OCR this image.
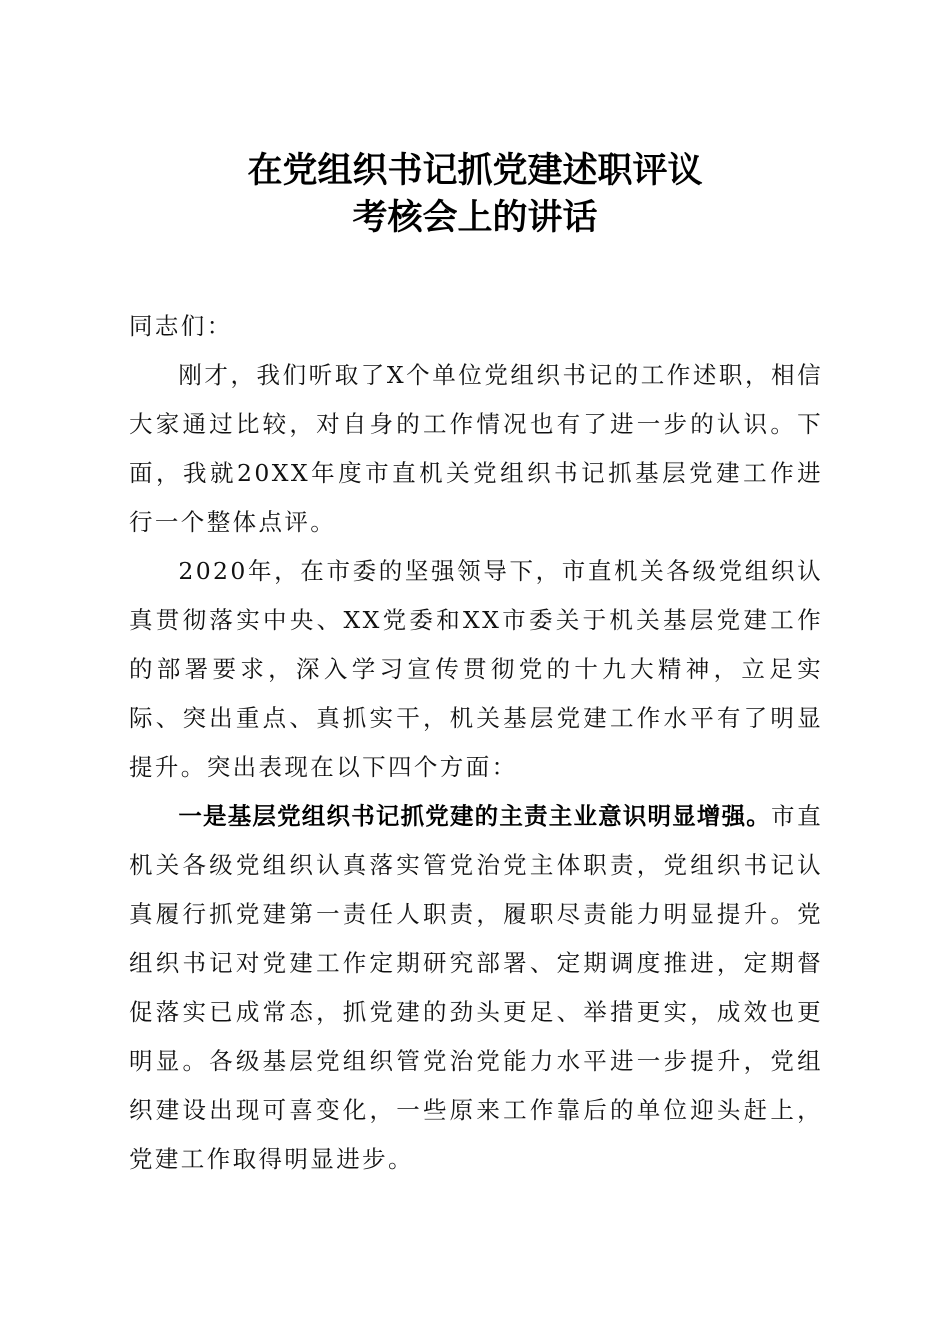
在党组织书记抓党建述职评议
考核会上的讲话

同志们：

刚才，我们听取了X个单位党组织书记的工作述职，相信大家通过比较，对自身的工作情况也有了进一步的认识。下面，我就20XX年度市直机关党组织书记抓基层党建工作进行一个整体点评。

2020年，在市委的坚强领导下，市直机关各级党组织认真贯彻落实中央、XX党委和XX市委关于机关基层党建工作的部署要求，深入学习宣传贯彻党的十九大精神，立足实际、突出重点、真抓实干，机关基层党建工作水平有了明显提升。突出表现在以下四个方面：

一是基层党组织书记抓党建的主责主业意识明显增强。市直机关各级党组织认真落实管党治党主体职责，党组织书记认真履行抓党建第一责任人职责，履职尽责能力明显提升。党组织书记对党建工作定期研究部署、定期调度推进，定期督促落实已成常态，抓党建的劲头更足、举措更实，成效也更明显。各级基层党组织管党治党能力水平进一步提升，党组织建设出现可喜变化，一些原来工作靠后的单位迎头赶上，党建工作取得明显进步。
